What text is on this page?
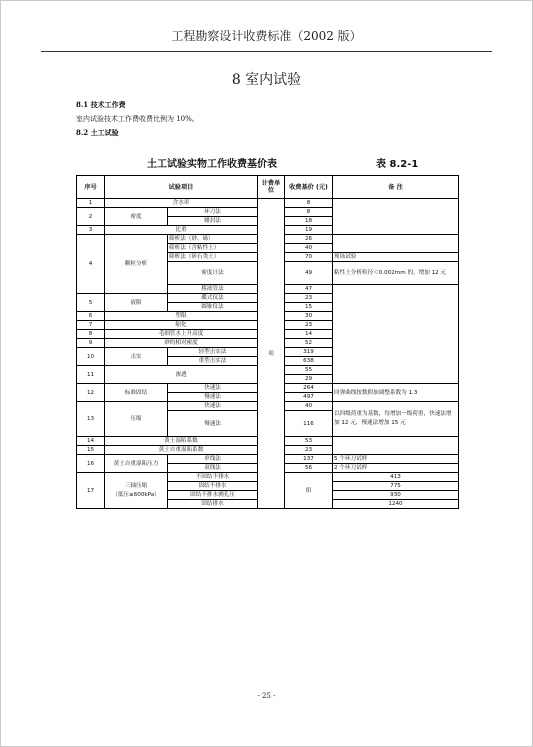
工程勘察设计收费标准（2002 版）
8 室内试验
8.1 技术工作费
室内试验技术工作费收费比例为 10%。
8.2 土工试验
土工试验实物工作收费基价表	表 8.2-1
序号	试验项目		计费单位	收费基价 (元)	备 注	
1	含水率		项	8		
2	密度	环刀法		8		
		蜡封法		18		
3	比重			19		
4	颗粒分析	筛析法（砂、砾）		26		
		筛析法（含粘性土）		40		
		筛析法（碎石类土）		70	现场试验	
		密度计法		49	粘性土分析粒径＜0.002mm 的，增加 12 元	
		移液管法		47		
5	液限	碟式仪法		23		
		圆锥仪法		15		
6	塑限			30		
7	缩化			23		
8	毛细管水上升高度			14		
9	砂的相对密度			52		
10	击实	轻型击实法		319		
		重型击实法		638		
11	渗透			55	
				29	
12	标准固结	快速法		264	回弹曲线按数附加调整系数为 1.3	
		慢速法		497		
13	压缩	快速法		40	以四级荷重为基数，每增加一级荷重，快速法增加 12 元，慢速法增加 15 元	
		慢速法		116		
14	黄土湿陷系数			53		
15	黄土自重湿陷系数			23		
16	黄土自重湿陷压力	单线法		137	5 个环刀试样	
		双线法		56	2 个环刀试样	
17	三轴压缩
（低压≤600kPa）	不固结不排水		组	413	
		固结不排水			775	
		固结不排水测孔压			930	
		固结排水			1240	
- 25 -
